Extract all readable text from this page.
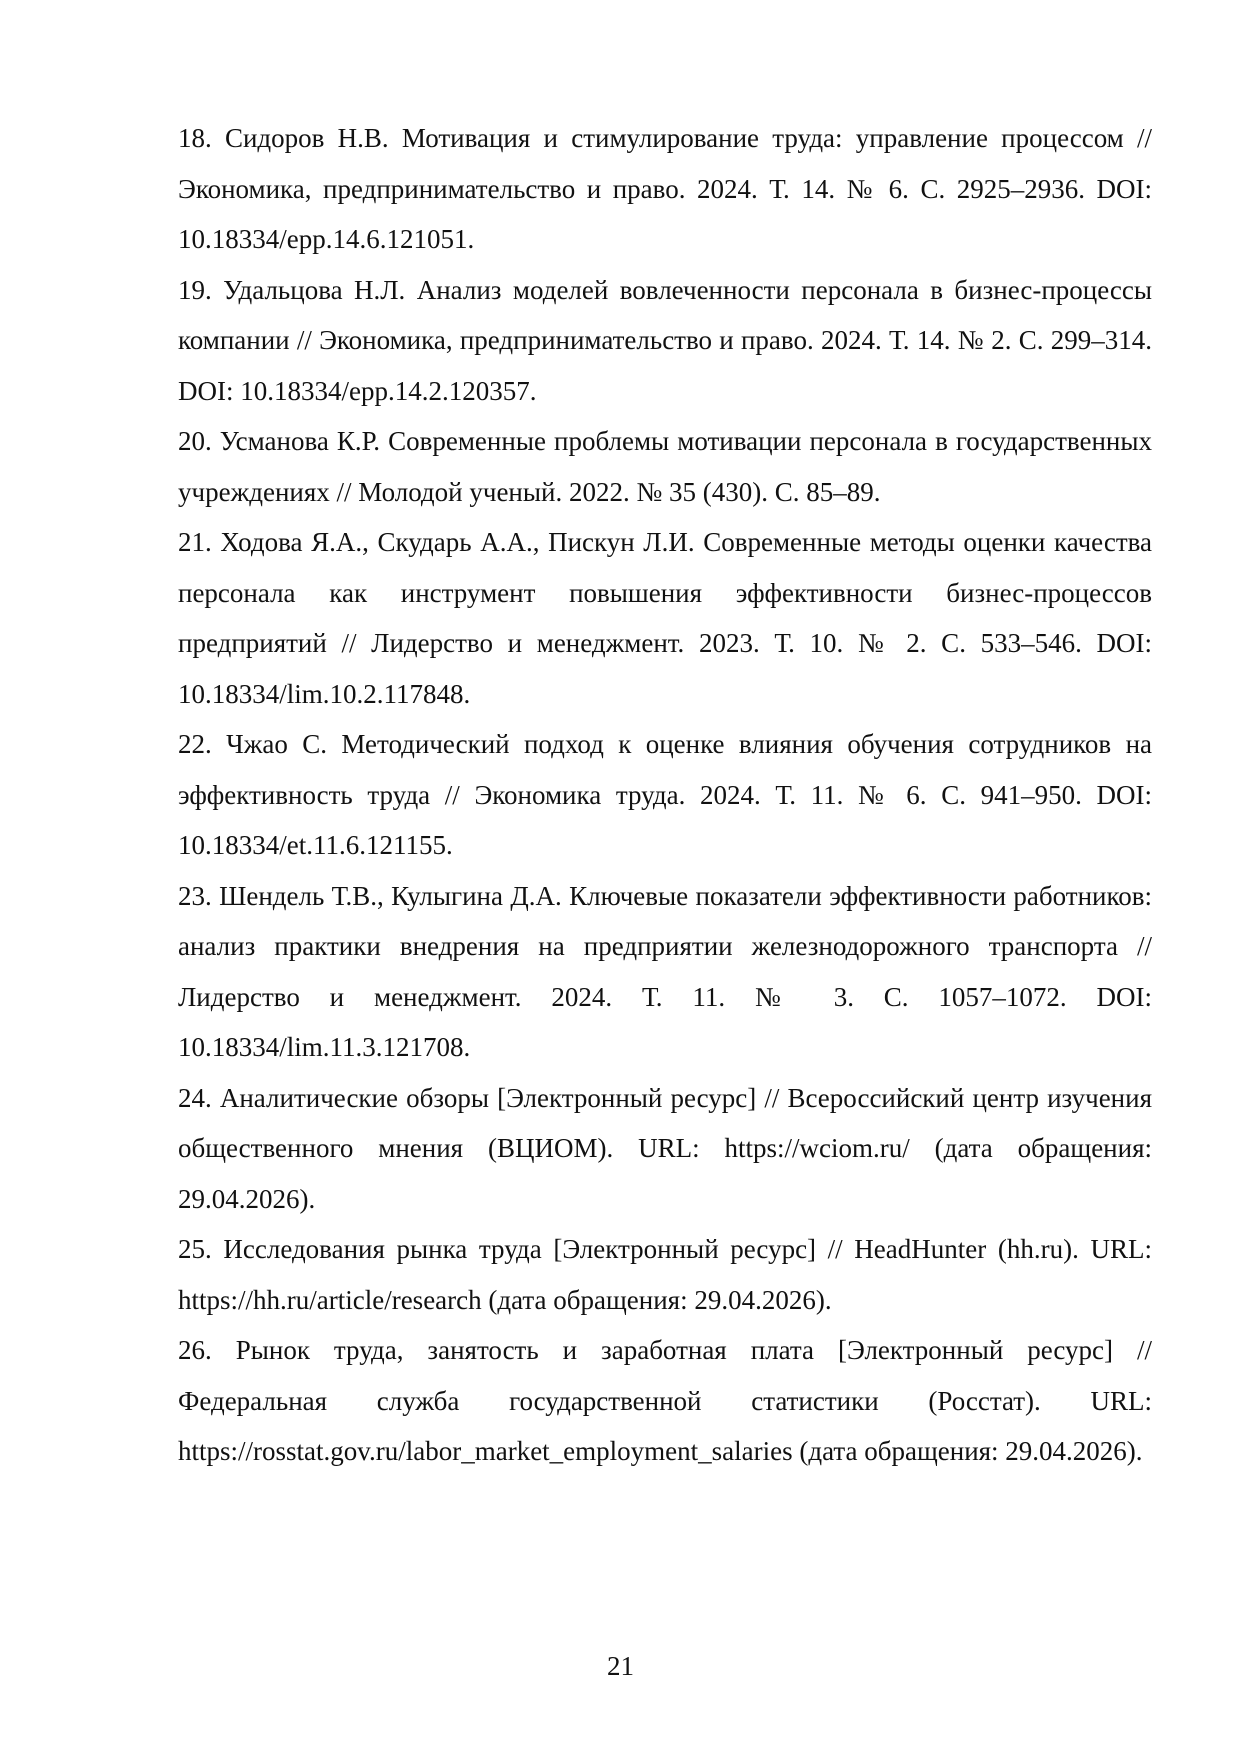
18. Сидоров Н.В. Мотивация и стимулирование труда: управление процессом // Экономика, предпринимательство и право. 2024. Т. 14. № 6. С. 2925–2936. DOI: 10.18334/epp.14.6.121051.

19. Удальцова Н.Л. Анализ моделей вовлеченности персонала в бизнес-процессы компании // Экономика, предпринимательство и право. 2024. Т. 14. № 2. С. 299–314. DOI: 10.18334/epp.14.2.120357.

20. Усманова К.Р. Современные проблемы мотивации персонала в государственных учреждениях // Молодой ученый. 2022. № 35 (430). С. 85–89.

21. Ходова Я.А., Скударь А.А., Пискун Л.И. Современные методы оценки качества персонала как инструмент повышения эффективности бизнес-процессов предприятий // Лидерство и менеджмент. 2023. Т. 10. № 2. С. 533–546. DOI: 10.18334/lim.10.2.117848.

22. Чжао С. Методический подход к оценке влияния обучения сотрудников на эффективность труда // Экономика труда. 2024. Т. 11. № 6. С. 941–950. DOI: 10.18334/et.11.6.121155.

23. Шендель Т.В., Кулыгина Д.А. Ключевые показатели эффективности работников: анализ практики внедрения на предприятии железнодорожного транспорта // Лидерство и менеджмент. 2024. Т. 11. № 3. С. 1057–1072. DOI: 10.18334/lim.11.3.121708.

24. Аналитические обзоры [Электронный ресурс] // Всероссийский центр изучения общественного мнения (ВЦИОМ). URL: https://wciom.ru/ (дата обращения: 29.04.2026).

25. Исследования рынка труда [Электронный ресурс] // HeadHunter (hh.ru). URL: https://hh.ru/article/research (дата обращения: 29.04.2026).

26. Рынок труда, занятость и заработная плата [Электронный ресурс] // Федеральная служба государственной статистики (Росстат). URL: https://rosstat.gov.ru/labor_market_employment_salaries (дата обращения: 29.04.2026).

21
